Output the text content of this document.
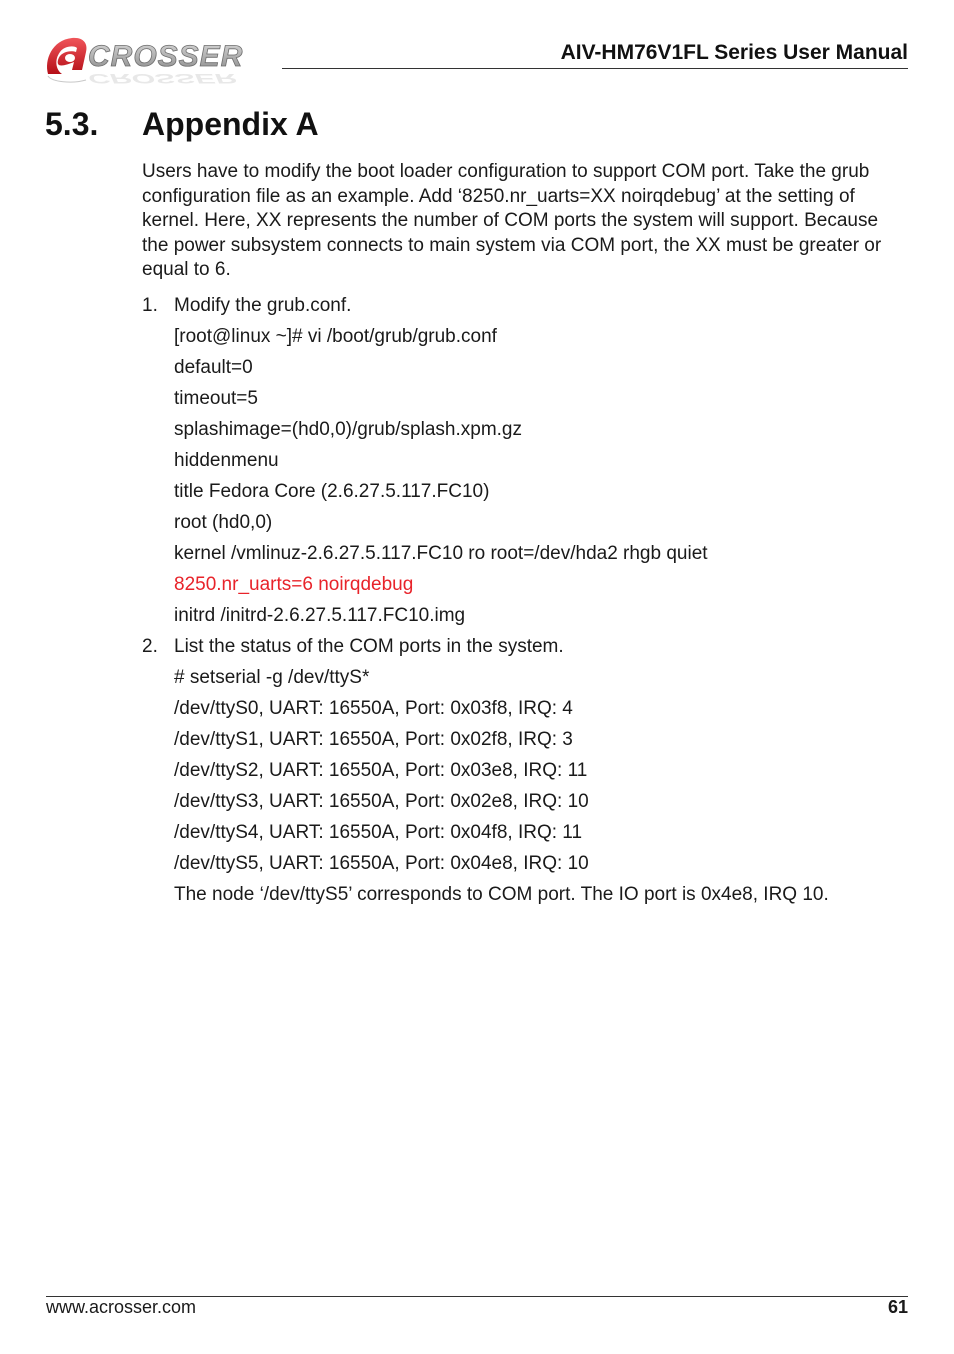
CROSSER
CROSSER
AIV-HM76V1FL Series User Manual
5.3. Appendix A

Users have to modify the boot loader configuration to support COM port. Take the grub configuration file as an example. Add ‘8250.nr_uarts=XX noirqdebug’ at the setting of kernel. Here, XX represents the number of COM ports the system will support. Because the power subsystem connects to main system via COM port, the XX must be greater or equal to 6.

1. Modify the grub.conf.
[root@linux ~]# vi /boot/grub/grub.conf
default=0
timeout=5
splashimage=(hd0,0)/grub/splash.xpm.gz
hiddenmenu
title Fedora Core (2.6.27.5.117.FC10)
root (hd0,0)
kernel /vmlinuz-2.6.27.5.117.FC10 ro root=/dev/hda2 rhgb quiet
8250.nr_uarts=6 noirqdebug
initrd /initrd-2.6.27.5.117.FC10.img
2. List the status of the COM ports in the system.
# setserial -g /dev/ttyS*
/dev/ttyS0, UART: 16550A, Port: 0x03f8, IRQ: 4
/dev/ttyS1, UART: 16550A, Port: 0x02f8, IRQ: 3
/dev/ttyS2, UART: 16550A, Port: 0x03e8, IRQ: 11
/dev/ttyS3, UART: 16550A, Port: 0x02e8, IRQ: 10
/dev/ttyS4, UART: 16550A, Port: 0x04f8, IRQ: 11
/dev/ttyS5, UART: 16550A, Port: 0x04e8, IRQ: 10
The node ‘/dev/ttyS5’ corresponds to COM port. The IO port is 0x4e8, IRQ 10.
www.acrosser.com	61
